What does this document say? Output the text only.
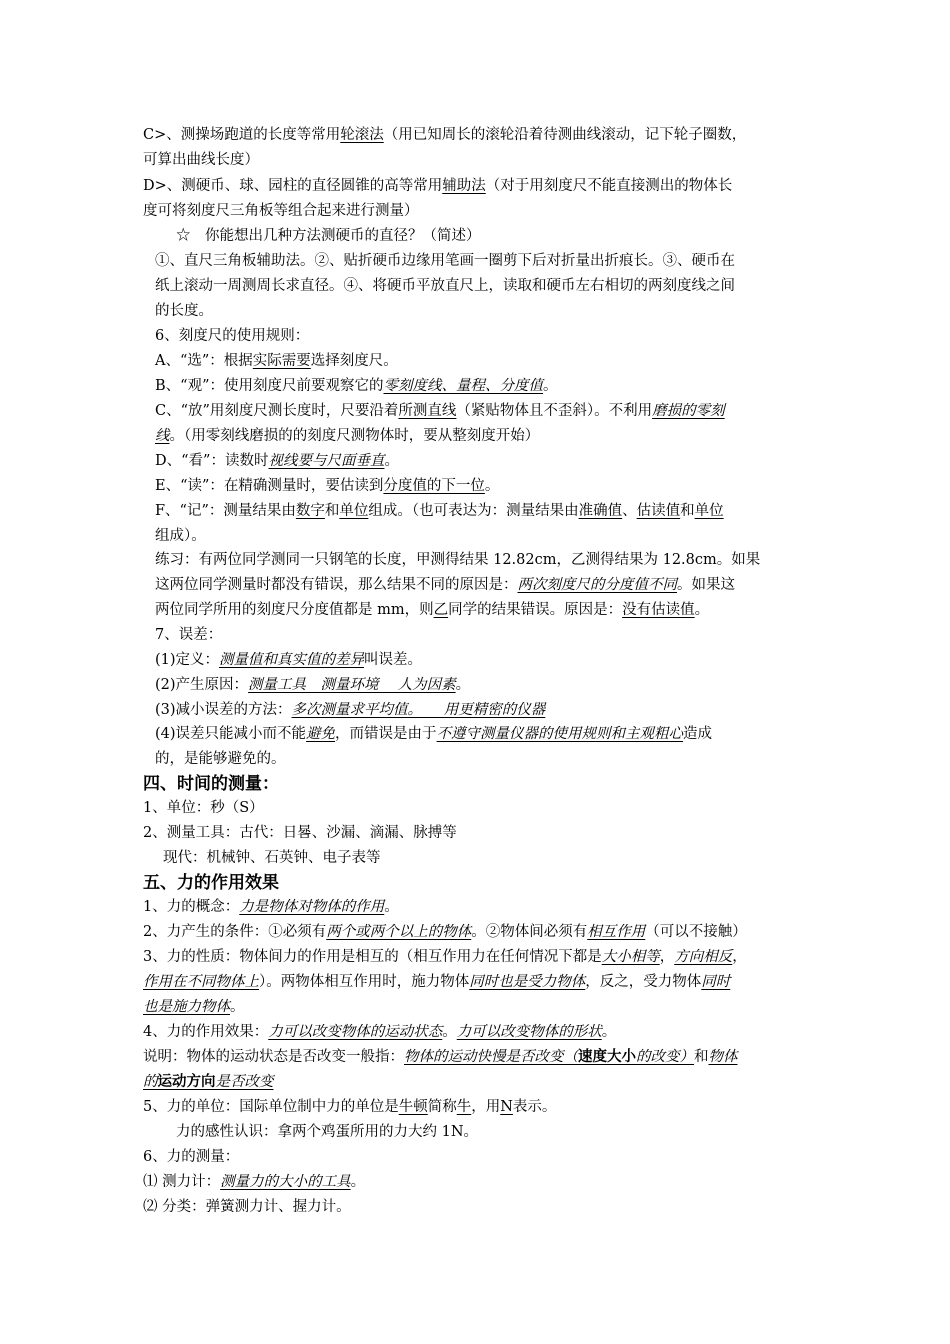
C>、测操场跑道的长度等常用轮滚法（用已知周长的滚轮沿着待测曲线滚动，记下轮子圈数，
可算出曲线长度）
D>、测硬币、球、园柱的直径圆锥的高等常用辅助法（对于用刻度尺不能直接测出的物体长
度可将刻度尺三角板等组合起来进行测量）
☆　你能想出几种方法测硬币的直径？（简述）
①、直尺三角板辅助法。②、贴折硬币边缘用笔画一圈剪下后对折量出折痕长。③、硬币在
纸上滚动一周测周长求直径。④、将硬币平放直尺上，读取和硬币左右相切的两刻度线之间
的长度。
6、刻度尺的使用规则：
A、“选”：根据实际需要选择刻度尺。
B、“观”：使用刻度尺前要观察它的零刻度线、量程、分度值。
C、“放”用刻度尺测长度时，尺要沿着所测直线（紧贴物体且不歪斜）。不利用磨损的零刻
线。（用零刻线磨损的的刻度尺测物体时，要从整刻度开始）
D、“看”：读数时视线要与尺面垂直。
E、“读”：在精确测量时，要估读到分度值的下一位。
F、“记”：测量结果由数字和单位组成。（也可表达为：测量结果由准确值、估读值和单位
组成）。
练习：有两位同学测同一只钢笔的长度，甲测得结果 12.82cm，乙测得结果为 12.8cm。如果
这两位同学测量时都没有错误，那么结果不同的原因是：两次刻度尺的分度值不同。如果这
两位同学所用的刻度尺分度值都是 mm，则乙同学的结果错误。原因是：没有估读值。
7、误差：
(1)定义：测量值和真实值的差异叫误差。
(2)产生原因：测量工具　测量环境　 人为因素。
(3)减小误差的方法：多次测量求平均值。　　用更精密的仪器
(4)误差只能减小而不能避免，而错误是由于不遵守测量仪器的使用规则和主观粗心造成
的，是能够避免的。
四、时间的测量：
1、单位：秒（S）
2、测量工具：古代：日晷、沙漏、滴漏、脉搏等
现代：机械钟、石英钟、电子表等
五、力的作用效果
1、力的概念：力是物体对物体的作用。
2、力产生的条件：①必须有两个或两个以上的物体。②物体间必须有相互作用（可以不接触）
3、力的性质：物体间力的作用是相互的（相互作用力在任何情况下都是大小相等，方向相反，
作用在不同物体上）。两物体相互作用时，施力物体同时也是受力物体，反之，受力物体同时
也是施力物体。
4、力的作用效果：力可以改变物体的运动状态。力可以改变物体的形状。
说明：物体的运动状态是否改变一般指：物体的运动快慢是否改变（速度大小的改变）和物体
的运动方向是否改变
5、力的单位：国际单位制中力的单位是牛顿简称牛，用N表示。
力的感性认识：拿两个鸡蛋所用的力大约 1N。
6、力的测量：
⑴ 测力计：测量力的大小的工具。
⑵ 分类：弹簧测力计、握力计。
